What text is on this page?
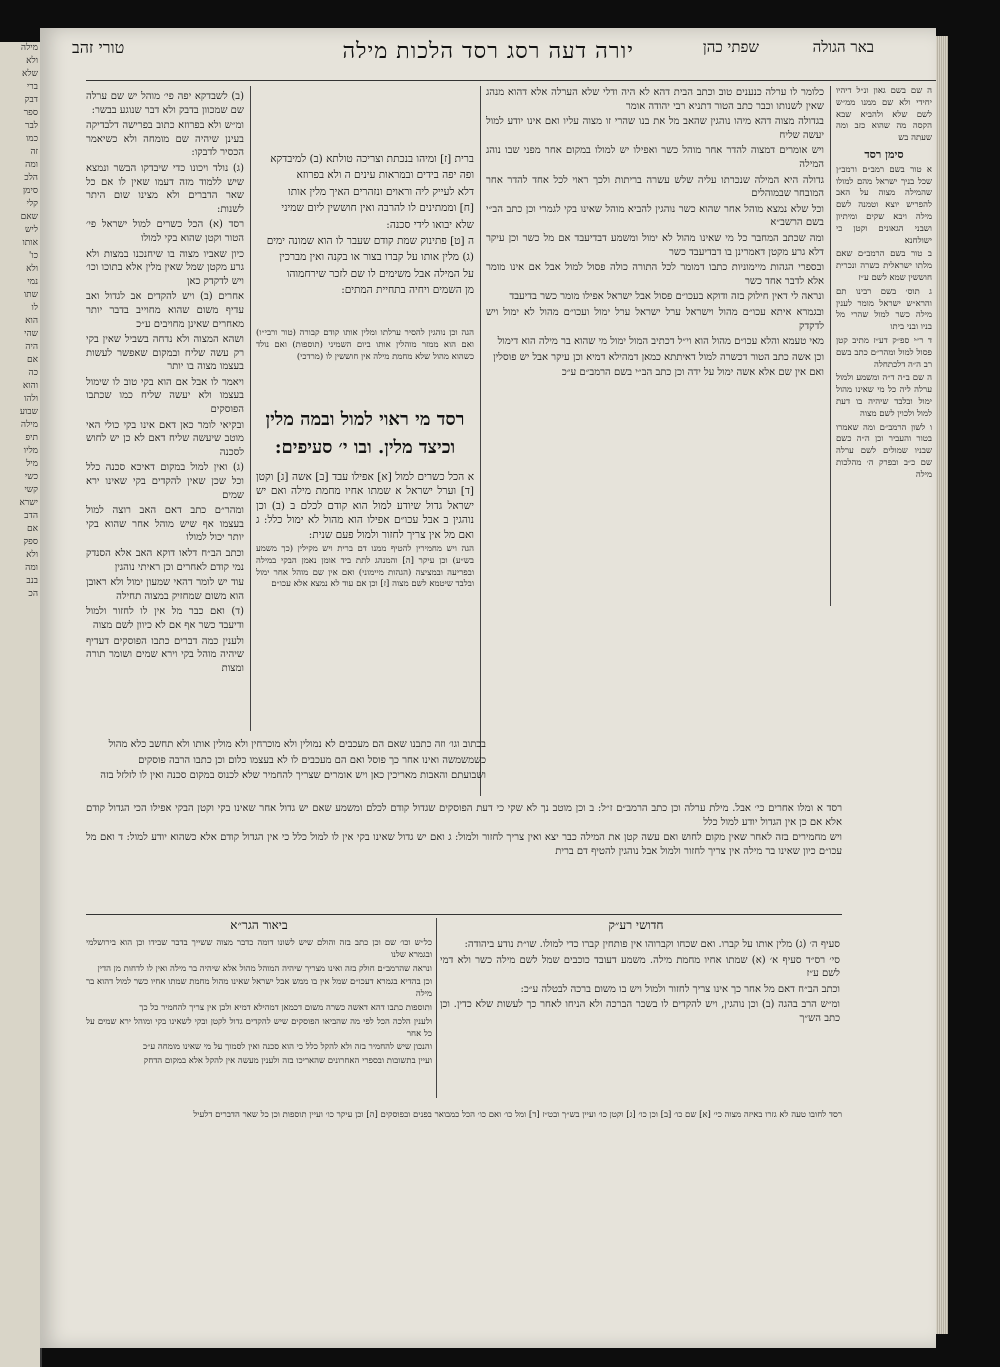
מילה

ולא

שלא

ברי

דבק

ספר

לבר

כמו

זה

ומה

הלכ

סימן

קלי

שאם

ליש

אותו

כו'

ולא

נמי

שתו

לו

הוא

שהי

היה

אם

כה

והוא

ולהו

שבוע

מילה

תיפ

מליו

מיל

כשי

קשי

ישרא

הדב

אם

ספק

ולא

ומה

בנב

הכ

באר הגולה
שפתי כהן
יורה דעה רסג רסד הלכות מילה
טורי זהב
ה שם בשם גאון ונ״ל דיהיו יחידי ולא שם ממנו ממ״ש לשם שלא ולהביא שבא הקסה מה שהוא כזב ומה שעתה בש
סימן רסד
א טור בשם רמב״ם ורמב״ן שכל בניך ישראל מהם למולו שהמילה מצוה על האב להפריש יוצא וטמנה לשם מילה ויבא שקים ומיתיון ושבני הגאונים וקטן כי ישולחנא
ב טור בשם הרמב״ם שאם מלתו ישראלית כשרה ונכרית חוששין שמא לשם ע״ז
ג תוס׳ בשם רבינו תם והרא״ש ישראל מומר לענין מילה כשר למול שהרי מל בניו ובני ביתו
ד ר״י ספ״ק דע״ז מתיב קטן פסול למול ומהר״ם כתב בשם רב ה״ה דלכתחלה
ה שם ב״ה ד״ה ומשמע ולמול ערלה ליה כל מי שאינו מהול ימול ובלבד שיהיה בו דעת למול ולכוין לשם מצוה
ו לשון הרמב״ם ומה שאמרו בטור והעביר וכן ה״ה כשם שבניו שמולים לשם ערלה שם כ״ב ובפרק ה׳ מהלכות מילה
כלומר לו ערלה כנענים טוב וכתב הבית דהא לא היה ודלי שלא הערלה אלא דהוא מנהג שאין לשנותו וכבר כתב הטור דתניא רבי יהודה אומר
בגדולה מצוה דהא מיהו נוהגין שהאב מל את בנו שהרי זו מצוה עליו ואם אינו יודע למול יעשה שליח
ויש אומרים דמצוה להדר אחר מוהל כשר ואפילו יש למולו במקום אחר מפני שבו נוהג המילה
גדולה היא המילה שנכרתו עליה שלש עשרה בריתות ולכך ראוי לכל אחד להדר אחר המובחר שבמוהלים
וכל שלא נמצא מוהל אחר שהוא כשר נוהגין להביא מוהל שאינו בקי לגמרי וכן כתב הב״י בשם הרשב״א
ומה שכתב המחבר כל מי שאינו מהול לא ימול ומשמע דבדיעבד אם מל כשר וכן עיקר דלא גרע מקטן דאמרינן בו דבדיעבד כשר
ובספרי הגהות מיימוניות כתבו דמומר לכל התורה כולה פסול למול אבל אם אינו מומר אלא לדבר אחד כשר
ונראה לי דאין חילוק בזה ודוקא בעכו״ם פסול אבל ישראל אפילו מומר כשר בדיעבד
ובגמרא איתא עכו״ם מהול וישראל ערל ישראל ערל ימול ועכו״ם מהול לא ימול ויש לדקדק
מאי טעמא והלא עכו״ם מהול הוא וי״ל דכתיב המול ימול מי שהוא בר מילה הוא דימול
וכן אשה כתב הטור דכשרה למול דאיתתא כמאן דמהילא דמיא וכן עיקר אבל יש פוסלין
ואם אין שם אלא אשה ימול על ידה וכן כתב הב״י בשם הרמב״ם ע״כ
ברית [ז] ומיהו בנכתת וצריכה טולתא (ב) למיבדקא
ופה יפה בידים ובמראות עינים ה ולא בפרוזא
דלא לעייק ליה וראוים ונזהרים האיך מלין אותו
[ח] וממתינים לו להרבה ואין חוששין ליום שמיני
שלא יבואו לידי סכנה:
ה [ט] פתינוק שמת קודם שעבר לו הוא שמונה ימים
(ג) מלין אותו על קברו בצור או בקנה ואין מברכין
על המילה אבל משימים לו שם לזכר שירחמוהו
מן השמים ויחיה בתחיית המתים:
הגה וכן נוהגין להסיר ערלתו ומלין אותו קודם קבורה (טור ורבי״ו) ואם הוא ממזר מוהלין אותו ביום השמיני (תוספות) ואם נולד כשהוא מהול שלא מחמת מילה אין חוששין לו (מרדכי)
רסד מי ראוי למול ובמה מלין וכיצד מלין. ובו י׳ סעיפים:
א הכל כשרים למול [א] אפילו עבד [ב] אשה [ג] וקטן [ד] וערל ישראל א שמתו אחיו מחמת מילה ואם יש ישראל גדול שיודע למול הוא קודם לכלם ב (ב) וכן נוהגין ב אבל עכו״ם אפילו הוא מהול לא ימול כלל: ג ואם מל אין צריך לחזור ולמול פעם שנית:
הגה ויש מחמירין להטיף ממנו דם ברית ויש מקילין (כך משמע בש״ע) וכן עיקר [ה] והמנהג לתת ביד אומן נאמן הבקי במילה ובפריעה ובמציצה (הגהות מיימוני) ואם אין שם מוהל אחר ימול ובלבד שיטמא לשם מצוה [ז] וכן אם עוד לא נמצא אלא עכו״ם
(ב) לשבדקא יפה פי׳ מוהל יש שם ערלה שם שמכוון בדבק ולא דבר שנוגע בבשר:
ומ״ש ולא בפרוזא כתוב בפרישה דלבדיקה בעינן שיהיה שם מומחה ולא כשיאמר הכסיר לדבקו:
(ג) נולד ויכונו כדי שיבדקו הבשר ונמצא שיש ללמוד מזה דעמו שאין לו אם כל שאר הדברים ולא מצינו שום היתר לשנות:
רסד (א) הכל כשרים למול ישראל פי׳ הטור וקטן שהוא בקי למולו
כיון שאביו מצוה בו שיחנכנו במצות ולא גרע מקטן שמל שאין מלין אלא בתוכו וכו׳ ויש לדקדק כאן
אחרים (ב) ויש להקדים אב לגדול ואב עדיף משום שהוא מחוייב בדבר יותר מאחרים שאינן מחויבים ע״כ
ושהא המצוה ולא נדחה בשביל שאין בקי רק עשה שליח ובמקום שאפשר לעשות בעצמו מצוה בו יותר
ויאמר לו אבל אם הוא בקי טוב לו שימול בעצמו ולא יעשה שליח כמו שכתבו הפוסקים
ובקיאי לומר כאן דאם אינו בקי כולי האי מוטב שיעשה שליח דאם לא כן יש לחוש לסכנה
(ג) ואין למול במקום דאיכא סכנה כלל וכל שכן שאין להקדים בקי שאינו ירא שמים
ומהר״ם כתב דאם האב רוצה למול בעצמו אף שיש מוהל אחר שהוא בקי יותר יכול למולו
וכתב הב״ח דלאו דוקא האב אלא הסנדק נמי קודם לאחרים וכן ראיתי נוהגין
עוד יש לומר דהאי שמעון ימול ולא ראובן הוא משום שמחזיק במצוה תחילה
(ד) ואם כבר מל אין לו לחזור ולמול ודיעבד כשר אף אם לא כיוון לשם מצוה
ולענין כמה דברים כתבו הפוסקים דעדיף שיהיה מוהל בקי וירא שמים ושומר תורה ומצות
בכתוב וגו׳ וזה כתבנו שאם הם מעכבים לא נמולין ולא מוכרחין ולא מולין אותו ולא תחשב כלא מהול
כשמשמשה ואינו אחר כך פוסל ואם הם מעכבים לו לא בעצמו כלום וכן כתבו הרבה פוסקים
ושבועתם והאבות מאריכין כאן ויש אומרים שצריך להחמיר שלא לכנוס במקום סכנה ואין לו לזלזל בזה
רסד א ומלו אחרים כי׳ אבל. מילת ערלה וכן כתב הרמב״ם ז״ל: ב וכן מוטב נך לא שקי כי דעת הפוסקים שגדול קודם לכלם ומשמע שאם יש גדול אחר שאינו בקי וקטן הבקי אפילו הכי הגדול קודם אלא אם כן אין הגדול יודע למול כלל
ויש מחמירים בזה לאחר שאין מקום לחוש ואם עשה קטן את המילה כבר יצא ואין צריך לחזור ולמול: ג ואם יש גדול שאינו בקי אין לו למול כלל כי אין הגדול קודם אלא כשהוא יודע למול: ד ואם מל עכו״ם כיון שאינו בר מילה אין צריך לחזור ולמול אבל נוהגין להטיף דם ברית
חדושי רע״ק
סעיף ה׳ (ג) מלין אותו על קברו. ואם שכחו וקברוהו אין פותחין קברו כדי למולו. שו״ת נודע ביהודה:
סי׳ רס״ד סעיף א׳ (א) שמתו אחיו מחמת מילה. משמע דעובד כוכבים שמל לשם מילה כשר ולא דמי לשם ע״ז
וכתב הב״ח דאם מל אחר כך אינו צריך לחזור ולמול ויש בו משום ברכה לבטלה ע״כ:
ומ״ש הרב בהגה (ב) וכן נוהגין, ויש להקדים לו בשכר הברכה ולא הניחו לאחר כך לעשות שלא כדין. וכן כתב הש״ך
ביאור הגר״א
כל״ש וכו׳ שם וכן כתב בזה והולם שיש לשונו דומה כדבר מצוה ששייך בדבר שבידו וכן הוא בירושלמי ובגמרא שלנו
ונראה שהרמב״ם חולק בזה ואינו מצריך שיהיה המוהל מהול אלא שיהיה בר מילה ואין לו לדחות מן הדין
וכן בהדיא בגמרא דעכו״ם שמל אין בו ממש אבל ישראל שאינו מהול מחמת שמתו אחיו כשר למול דהוא בר מילה
ותוספות כתבו דהא דאשה כשרה משום דכמאן דמהילא דמיא ולכן אין צריך להחמיר כל כך
ולענין הלכה הכל לפי מה שהביאו הפוסקים שיש להקדים גדול לקטן ובקי לשאינו בקי ומוהל ירא שמים על כל אחר
והנכון שיש להחמיר בזה ולא להקל כלל כי הוא סכנה ואין לסמוך על מי שאינו מומחה ע״כ
ועיין בתשובות ובספרי האחרונים שהאריכו בזה ולענין מעשה אין להקל אלא במקום הדחק
רסד לחובו טעה לא גזרו באיזה מצוה כי׳ [א] שם כו׳ [ב] וכן כו׳ [ג] וקטן כו׳ ועיין בש״ך ובט״ז [ד] ומל כו׳ ואם כו׳ הכל כמבואר בפנים ובפוסקים [ה] וכן עיקר כו׳ ועיין תוספות וכן כל שאר הדברים דלעיל
